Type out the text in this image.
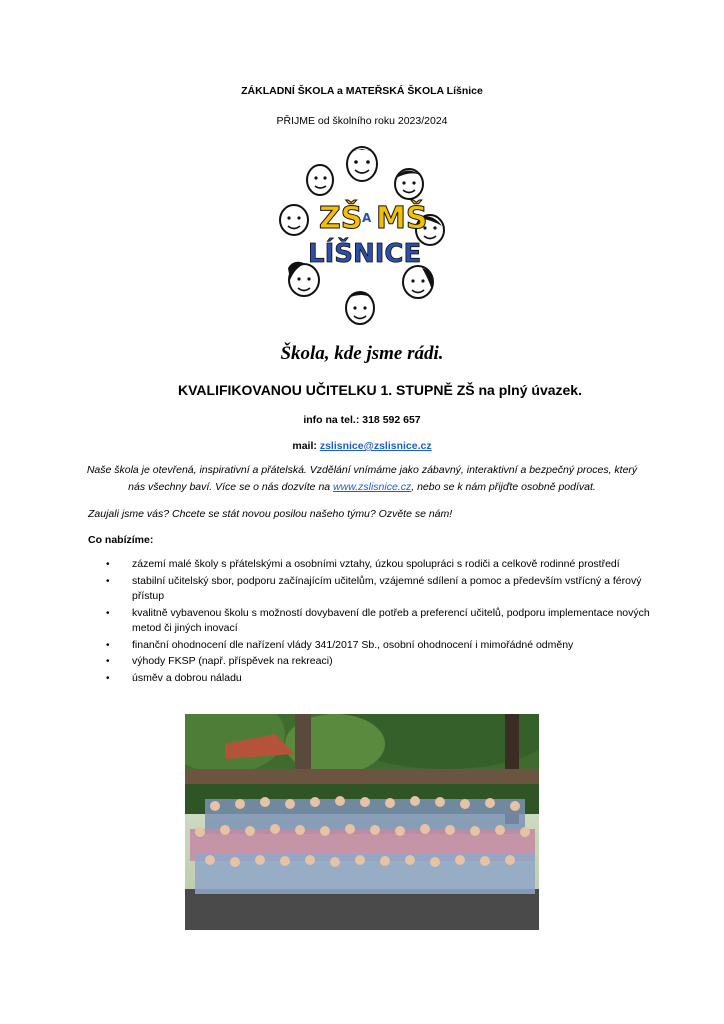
ZÁKLADNÍ ŠKOLA a MATEŘSKÁ ŠKOLA Líšnice
PŘIJME od školního roku 2023/2024
ZŠ A MŠ
LÍŠNICE
Škola, kde jsme rádi.
KVALIFIKOVANOU UČITELKU 1. STUPNĚ ZŠ na plný úvazek.
info na tel.: 318 592 657
mail: zslisnice@zslisnice.cz
Naše škola je otevřená, inspirativní a přátelská. Vzdělání vnímáme jako zábavný, interaktivní a bezpečný proces, který nás všechny baví. Více se o nás dozvíte na www.zslisnice.cz, nebo se k nám přijďte osobně podívat.
Zaujali jsme vás? Chcete se stát novou posilou našeho týmu? Ozvěte se nám!
Co nabízíme:
• zázemí malé školy s přátelskými a osobními vztahy, úzkou spolupráci s rodiči a celkově rodinné prostředí
• stabilní učitelský sbor, podporu začínajícím učitelům, vzájemné sdílení a pomoc a především vstřícný a férový přístup
• kvalitně vybavenou školu s možností dovybavení dle potřeb a preferencí učitelů, podporu implementace nových metod či jiných inovací
• finanční ohodnocení dle nařízení vlády 341/2017 Sb., osobní ohodnocení i mimořádné odměny
• výhody FKSP (např. příspěvek na rekreaci)
• úsměv a dobrou náladu
